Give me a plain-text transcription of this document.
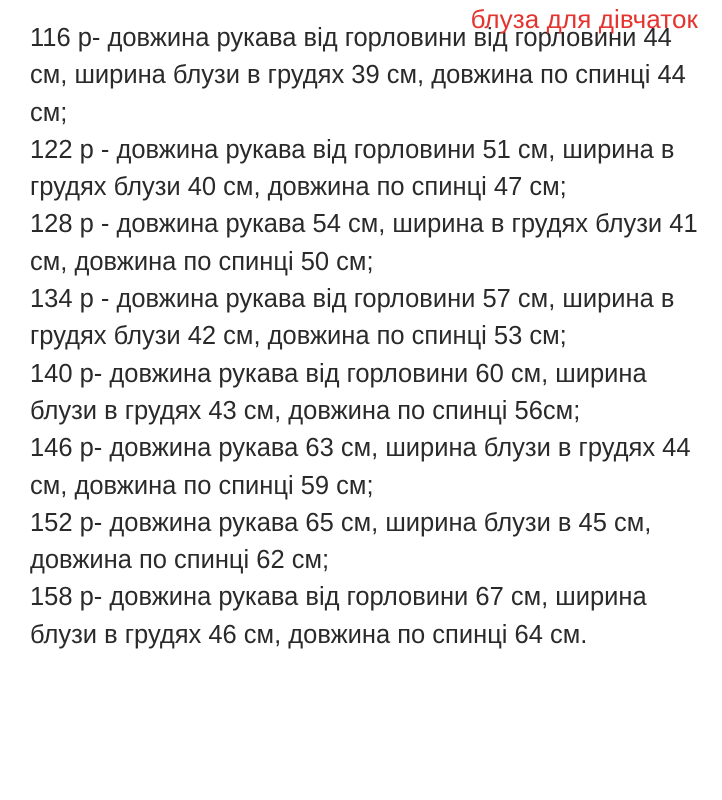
блуза для дівчаток

116 р- довжина рукава від горловини від горловини 44 см, ширина блузи в грудях 39 см, довжина по спинці 44 см;

122 р - довжина рукава від горловини 51 см, ширина в грудях блузи 40 см, довжина по спинці 47 см;

128 р - довжина рукава 54 см, ширина в грудях блузи 41 см, довжина по спинці 50 см;

134 р - довжина рукава від горловини 57 см, ширина в грудях блузи 42 см, довжина по спинці 53 см;

140 р- довжина рукава від горловини 60 см, ширина блузи в грудях 43 см, довжина по спинці 56см;

146 р- довжина рукава 63 см, ширина блузи в грудях 44 см, довжина по спинці 59 см;

152 р- довжина рукава 65 см, ширина блузи в 45 см, довжина по спинці 62 см;

158 р- довжина рукава від горловини 67 см, ширина блузи в грудях 46 см, довжина по спинці 64 см.
